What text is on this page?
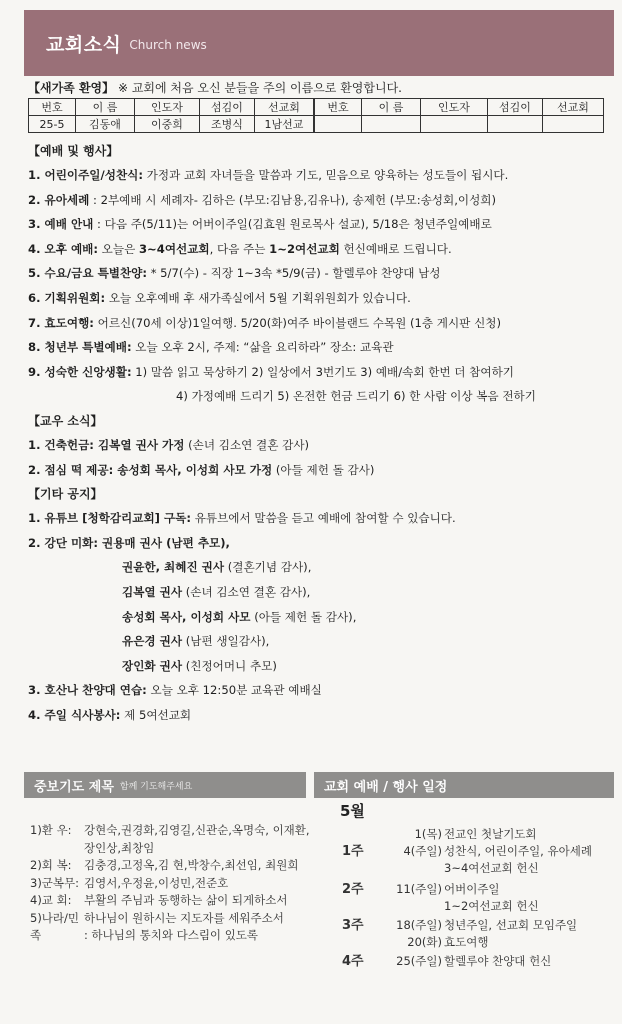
교회소식 Church news
【새가족 환영】 ※ 교회에 처음 오신 분들을 주의 이름으로 환영합니다.
번호	이 름	인도자	섬김이	선교회	번호	이 름	인도자	섬김이	선교회
25-5	김동애	이중희	조병식	1남선교					
【예배 및 행사】
1. 어린이주일/성찬식: 가정과 교회 자녀들을 말씀과 기도, 믿음으로 양육하는 성도들이 됩시다.
2. 유아세례 : 2부예배 시 세례자- 김하은 (부모:김남용,김유나), 송제헌 (부모:송성회,이성희)
3. 예배 안내 : 다음 주(5/11)는 어버이주일(김효원 원로목사 설교), 5/18은 청년주일예배로
4. 오후 예배: 오늘은 3~4여선교회, 다음 주는 1~2여선교회 헌신예배로 드립니다.
5. 수요/금요 특별찬양: * 5/7(수) - 직장 1~3속 *5/9(금) - 할렐루야 찬양대 남성
6. 기획위원회: 오늘 오후예배 후 새가족실에서 5월 기획위원회가 있습니다.
7. 효도여행: 어르신(70세 이상)1일여행. 5/20(화)여주 바이블랜드 수목원 (1층 게시판 신청)
8. 청년부 특별예배: 오늘 오후 2시, 주제: “삶을 요리하라” 장소: 교육관
9. 성숙한 신앙생활: 1) 말씀 읽고 묵상하기 2) 일상에서 3번기도 3) 예배/속회 한번 더 참여하기
4) 가정예배 드리기 5) 온전한 헌금 드리기 6) 한 사람 이상 복음 전하기
【교우 소식】
1. 건축헌금: 김복열 권사 가정 (손녀 김소연 결혼 감사)
2. 점심 떡 제공: 송성회 목사, 이성희 사모 가정 (아들 제헌 돌 감사)
【기타 공지】
1. 유튜브 [청학감리교회] 구독: 유튜브에서 말씀을 듣고 예배에 참여할 수 있습니다.
2. 강단 미화: 권용매 권사 (남편 추모),
권윤한, 최혜진 권사 (결혼기념 감사),
김복열 권사 (손녀 김소연 결혼 감사),
송성회 목사, 이성희 사모 (아들 제헌 돌 감사),
유은경 권사 (남편 생일감사),
장인화 권사 (친정어머니 추모)
3. 호산나 찬양대 연습: 오늘 오후 12:50분 교육관 예배실
4. 주일 식사봉사: 제 5여선교회
중보기도 제목 함께 기도해주세요	교회 예배 / 행사 일정
1)환 우:	강현숙,권경화,김영길,신관순,옥명숙, 이재환,장인상,최창임
2)회 복:	김충경,고정옥,김 현,박창수,최선임, 최원희
3)군복무: 김영서,우정윤,이성민,전준호
4)교 회:	부활의 주님과 동행하는 삶이 되게하소서
5)나라/민 하나님이 원하시는 지도자를 세워주소서
족	: 하나님의 통치와 다스림이 있도록
5월
1주
1(목) 전교인 첫날기도회
4(주일) 성찬식, 어린이주일, 유아세례
3~4여선교회 헌신
2주	11(주일) 어버이주일
1~2여선교회 헌신
3주	18(주일) 청년주일, 선교회 모임주일
20(화) 효도여행
4주	25(주일) 할렐루야 찬양대 헌신
